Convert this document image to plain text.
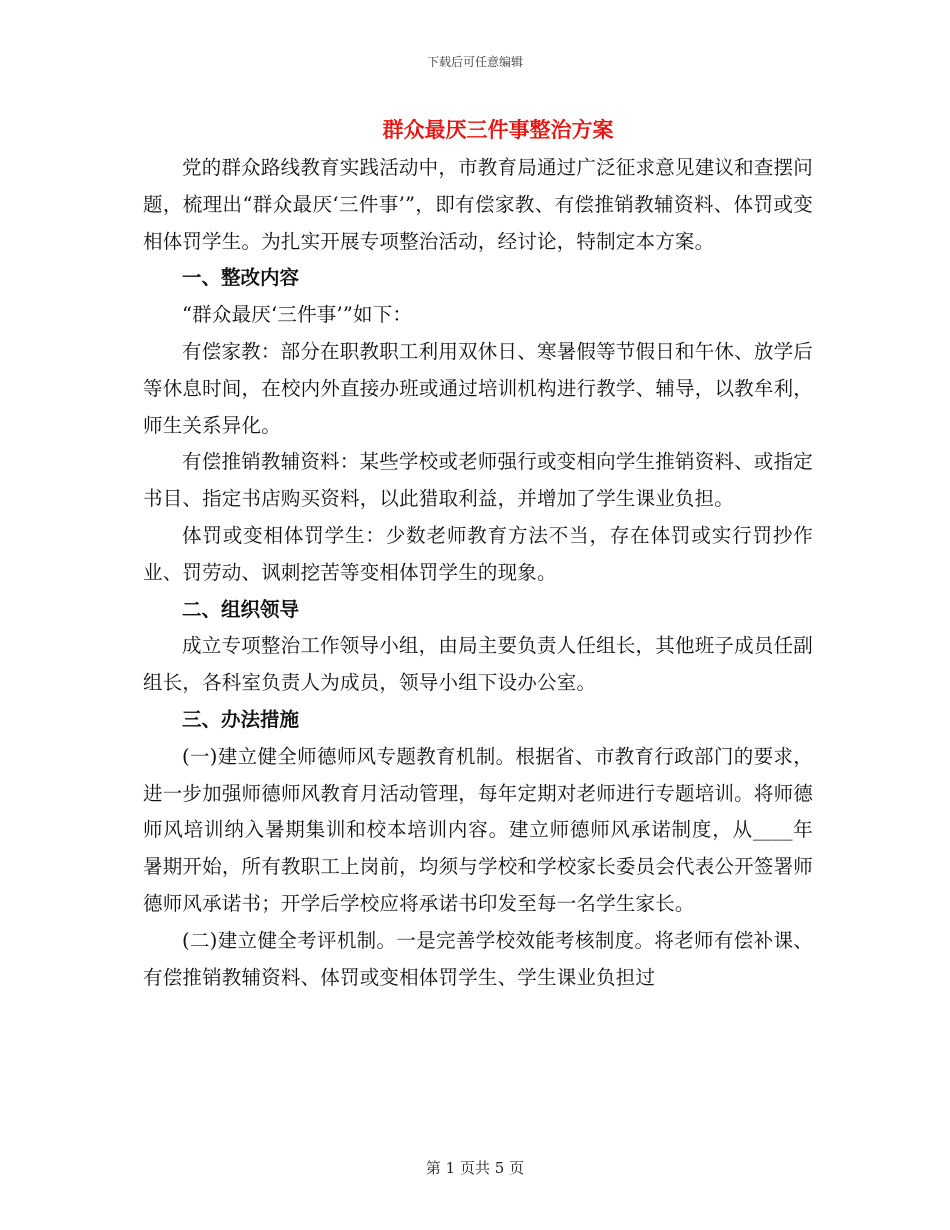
下载后可任意编辑
群众最厌三件事整治方案

党的群众路线教育实践活动中，市教育局通过广泛征求意见建议和查摆问题，梳理出“群众最厌‘三件事’”，即有偿家教、有偿推销教辅资料、体罚或变相体罚学生。为扎实开展专项整治活动，经讨论，特制定本方案。

一、整改内容

“群众最厌‘三件事’”如下：

有偿家教：部分在职教职工利用双休日、寒暑假等节假日和午休、放学后等休息时间，在校内外直接办班或通过培训机构进行教学、辅导，以教牟利，师生关系异化。

有偿推销教辅资料：某些学校或老师强行或变相向学生推销资料、或指定书目、指定书店购买资料，以此猎取利益，并增加了学生课业负担。

体罚或变相体罚学生：少数老师教育方法不当，存在体罚或实行罚抄作业、罚劳动、讽刺挖苦等变相体罚学生的现象。

二、组织领导

成立专项整治工作领导小组，由局主要负责人任组长，其他班子成员任副组长，各科室负责人为成员，领导小组下设办公室。

三、办法措施

(一)建立健全师德师风专题教育机制。根据省、市教育行政部门的要求，进一步加强师德师风教育月活动管理，每年定期对老师进行专题培训。将师德师风培训纳入暑期集训和校本培训内容。建立师德师风承诺制度，从____年暑期开始，所有教职工上岗前，均须与学校和学校家长委员会代表公开签署师德师风承诺书；开学后学校应将承诺书印发至每一名学生家长。

(二)建立健全考评机制。一是完善学校效能考核制度。将老师有偿补课、有偿推销教辅资料、体罚或变相体罚学生、学生课业负担过

第 1 页共 5 页
